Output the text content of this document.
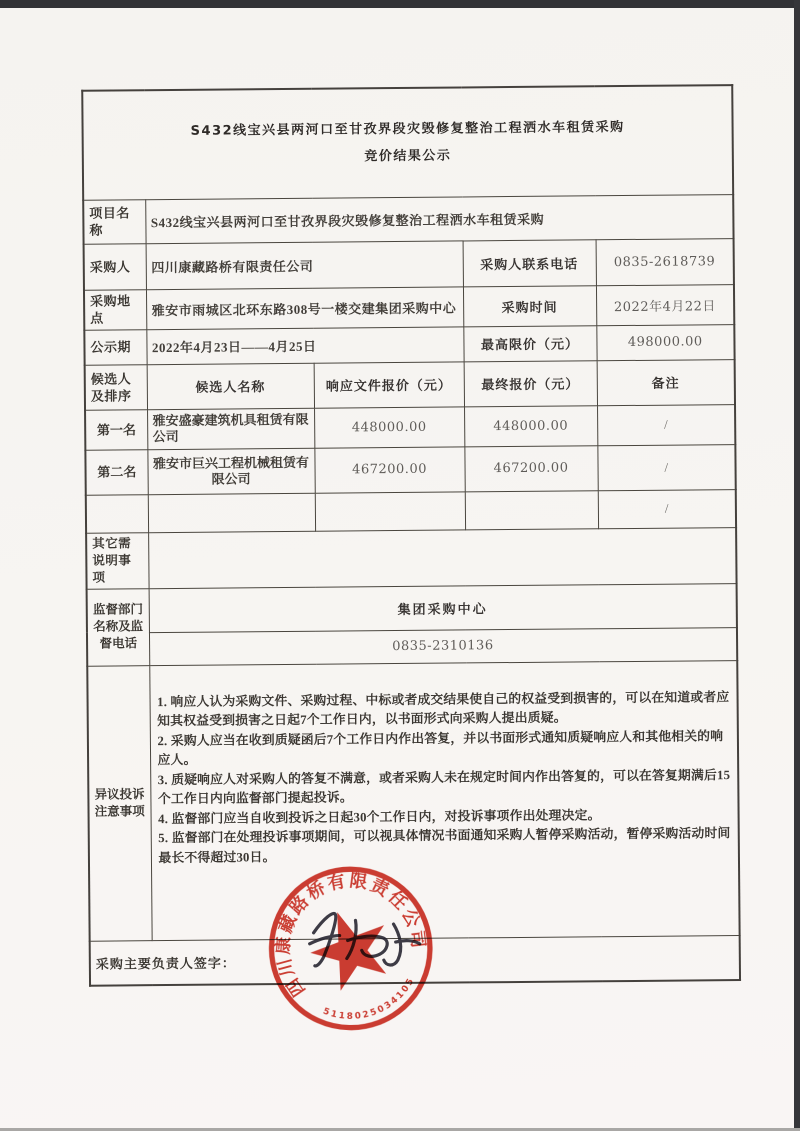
S432线宝兴县两河口至甘孜界段灾毁修复整治工程洒水车租赁采购
竞价结果公示				

项目名称	S432线宝兴县两河口至甘孜界段灾毁修复整治工程洒水车租赁采购			
采购人	四川康藏路桥有限责任公司		采购人联系电话	0835-2618739
采购地点	雅安市雨城区北环东路308号一楼交建集团采购中心		采购时间	2022年4月22日
公示期	2022年4月23日——4月25日		最高限价（元）	498000.00
候选人及排序	候选人名称	响应文件报价（元）	最终报价（元）	备注
第一名	雅安盛豪建筑机具租赁有限公司	448000.00	448000.00	/
第二名	雅安市巨兴工程机械租赁有限公司	467200.00	467200.00	/
				/
其它需说明事项				
监督部门名称及监督电话	集团采购中心			
	0835-2310136			
异议投诉注意事项	1. 响应人认为采购文件、采购过程、中标或者成交结果使自己的权益受到损害的，可以在知道或者应知其权益受到损害之日起7个工作日内，以书面形式向采购人提出质疑。
2. 采购人应当在收到质疑函后7个工作日内作出答复，并以书面形式通知质疑响应人和其他相关的响应人。
3. 质疑响应人对采购人的答复不满意，或者采购人未在规定时间内作出答复的，可以在答复期满后15个工作日内向监督部门提起投诉。
4. 监督部门应当自收到投诉之日起30个工作日内，对投诉事项作出处理决定。
5. 监督部门在处理投诉事项期间，可以视具体情况书面通知采购人暂停采购活动，暂停采购活动时间最长不得超过30日。			

采购主要负责人签字：				
四川康藏路桥有限责任公司
5118025034105
